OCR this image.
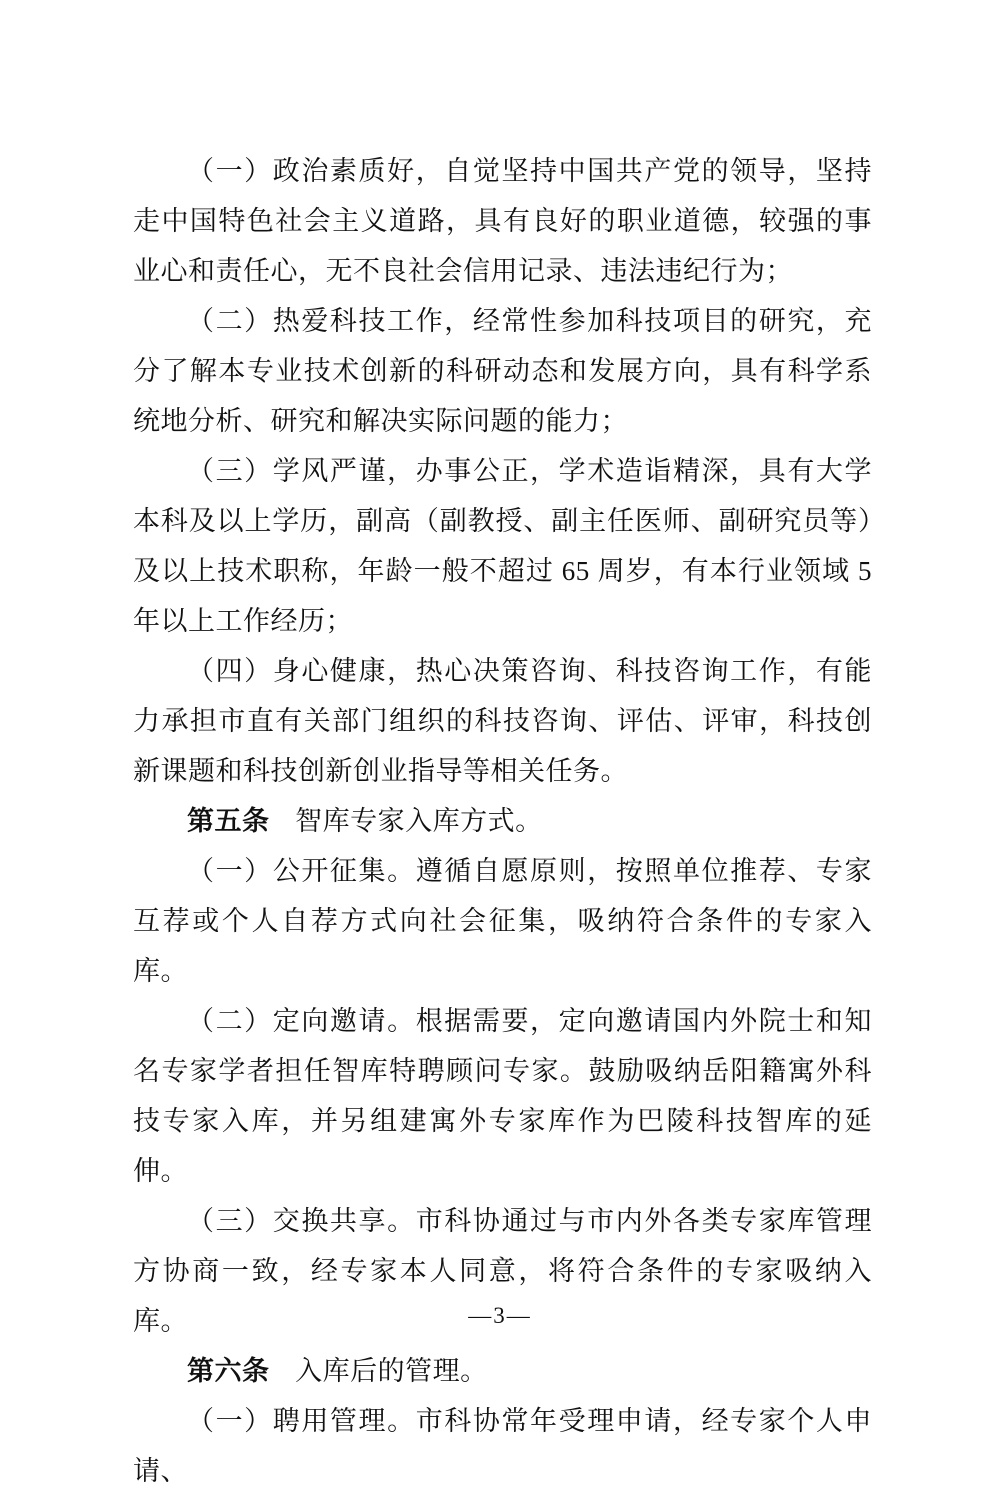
（一）政治素质好，自觉坚持中国共产党的领导，坚持走中国特色社会主义道路，具有良好的职业道德，较强的事业心和责任心，无不良社会信用记录、违法违纪行为；

（二）热爱科技工作，经常性参加科技项目的研究，充分了解本专业技术创新的科研动态和发展方向，具有科学系统地分析、研究和解决实际问题的能力；

（三）学风严谨，办事公正，学术造诣精深，具有大学本科及以上学历，副高（副教授、副主任医师、副研究员等）及以上技术职称，年龄一般不超过 65 周岁，有本行业领域 5 年以上工作经历；

（四）身心健康，热心决策咨询、科技咨询工作，有能力承担市直有关部门组织的科技咨询、评估、评审，科技创新课题和科技创新创业指导等相关任务。

第五条 智库专家入库方式。

（一）公开征集。遵循自愿原则，按照单位推荐、专家互荐或个人自荐方式向社会征集，吸纳符合条件的专家入库。

（二）定向邀请。根据需要，定向邀请国内外院士和知名专家学者担任智库特聘顾问专家。鼓励吸纳岳阳籍寓外科技专家入库，并另组建寓外专家库作为巴陵科技智库的延伸。

（三）交换共享。市科协通过与市内外各类专家库管理方协商一致，经专家本人同意，将符合条件的专家吸纳入库。

第六条 入库后的管理。

（一）聘用管理。市科协常年受理申请，经专家个人申请、

—3—
